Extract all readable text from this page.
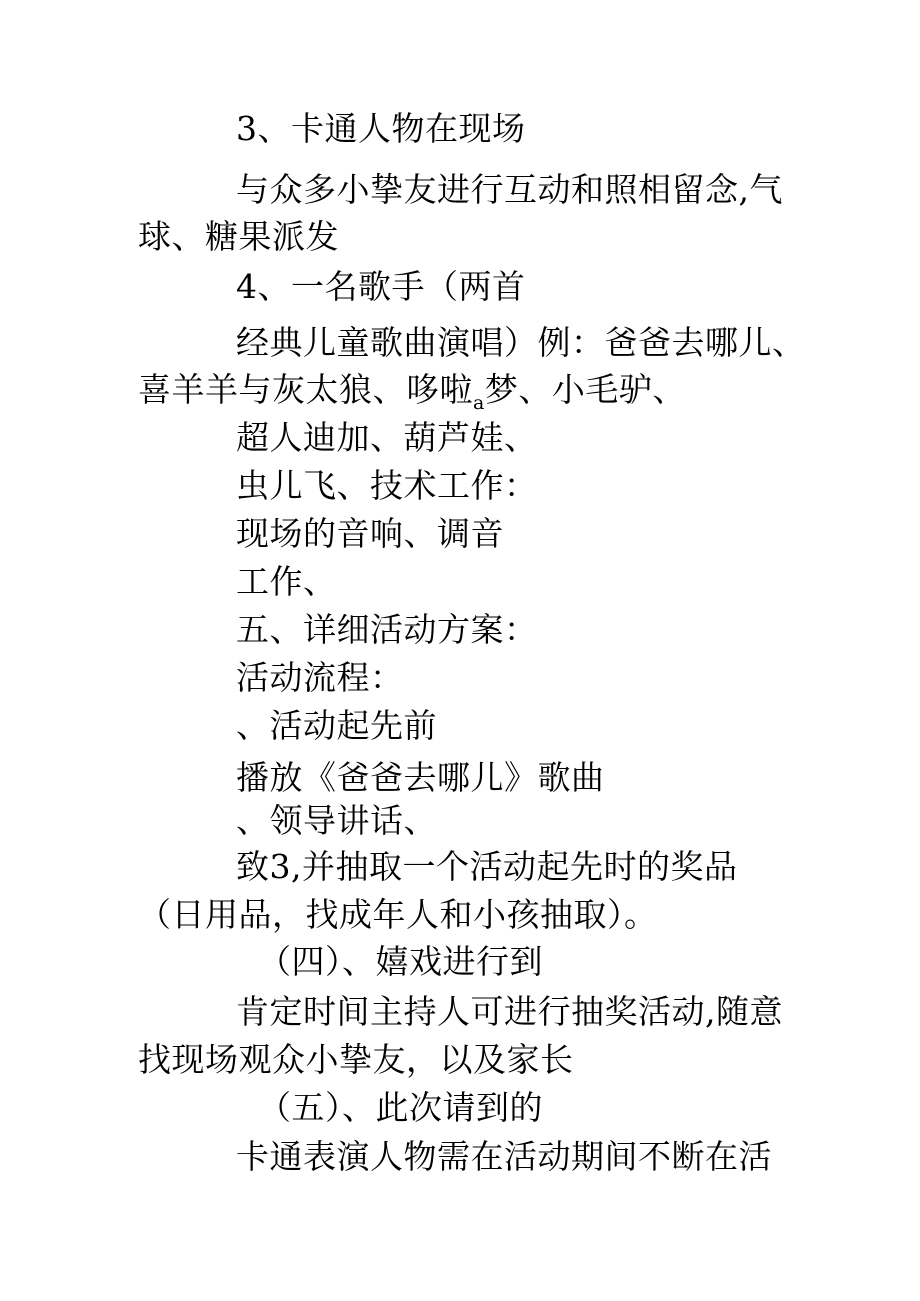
3、卡通人物在现场

与众多小挚友进行互动和照相留念,气

球、糖果派发

4、一名歌手（两首

经典儿童歌曲演唱）例：爸爸去哪儿、

喜羊羊与灰太狼、哆啦$_a$梦、小毛驴、

超人迪加、葫芦娃、

虫儿飞、技术工作：

现场的音响、调音

工作、

五、详细活动方案：

活动流程：

、活动起先前

播放《爸爸去哪儿》歌曲

、领导讲话、

致3,并抽取一个活动起先时的奖品

（日用品，找成年人和小孩抽取）。

（四）、嬉戏进行到

肯定时间主持人可进行抽奖活动,随意

找现场观众小挚友，以及家长

（五）、此次请到的

卡通表演人物需在活动期间不断在活
